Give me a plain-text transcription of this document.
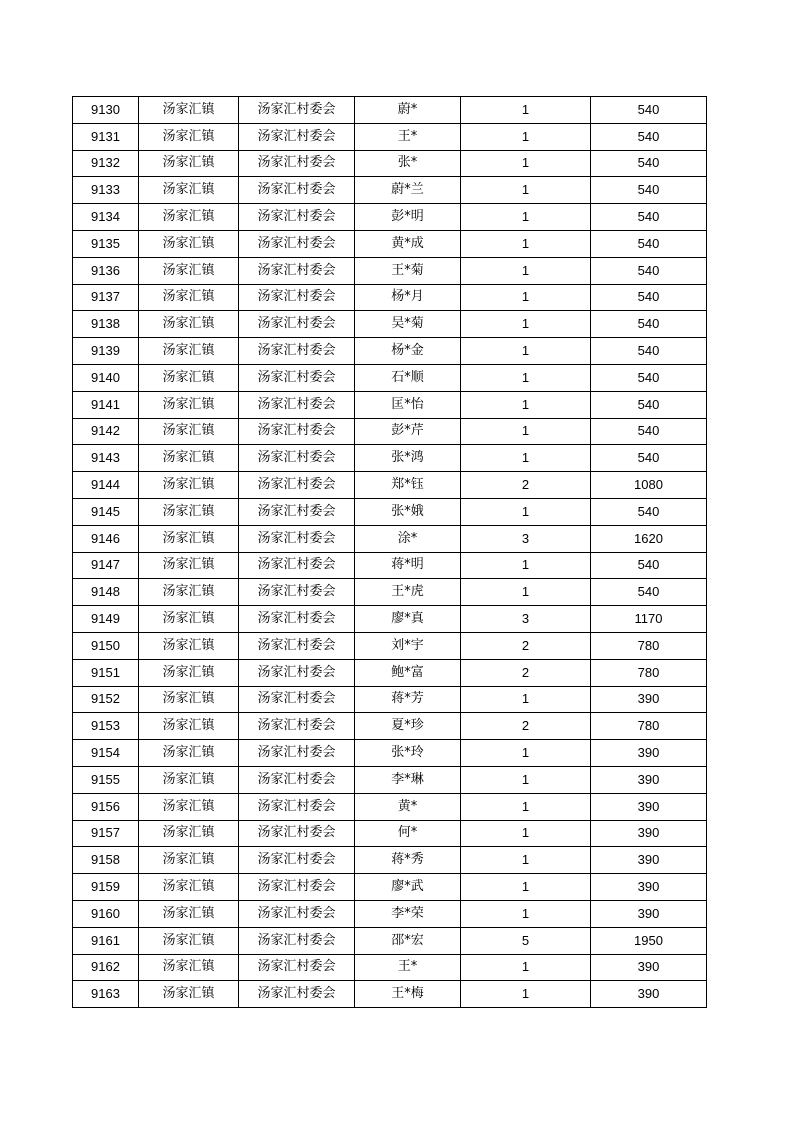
9130	汤家汇镇	汤家汇村委会	蔚*	1	540
9131	汤家汇镇	汤家汇村委会	王*	1	540
9132	汤家汇镇	汤家汇村委会	张*	1	540
9133	汤家汇镇	汤家汇村委会	蔚*兰	1	540
9134	汤家汇镇	汤家汇村委会	彭*明	1	540
9135	汤家汇镇	汤家汇村委会	黄*成	1	540
9136	汤家汇镇	汤家汇村委会	王*菊	1	540
9137	汤家汇镇	汤家汇村委会	杨*月	1	540
9138	汤家汇镇	汤家汇村委会	吴*菊	1	540
9139	汤家汇镇	汤家汇村委会	杨*金	1	540
9140	汤家汇镇	汤家汇村委会	石*顺	1	540
9141	汤家汇镇	汤家汇村委会	匡*怡	1	540
9142	汤家汇镇	汤家汇村委会	彭*芹	1	540
9143	汤家汇镇	汤家汇村委会	张*鸿	1	540
9144	汤家汇镇	汤家汇村委会	郑*钰	2	1080
9145	汤家汇镇	汤家汇村委会	张*娥	1	540
9146	汤家汇镇	汤家汇村委会	涂*	3	1620
9147	汤家汇镇	汤家汇村委会	蒋*明	1	540
9148	汤家汇镇	汤家汇村委会	王*虎	1	540
9149	汤家汇镇	汤家汇村委会	廖*真	3	1170
9150	汤家汇镇	汤家汇村委会	刘*宇	2	780
9151	汤家汇镇	汤家汇村委会	鲍*富	2	780
9152	汤家汇镇	汤家汇村委会	蒋*芳	1	390
9153	汤家汇镇	汤家汇村委会	夏*珍	2	780
9154	汤家汇镇	汤家汇村委会	张*玲	1	390
9155	汤家汇镇	汤家汇村委会	李*琳	1	390
9156	汤家汇镇	汤家汇村委会	黄*	1	390
9157	汤家汇镇	汤家汇村委会	何*	1	390
9158	汤家汇镇	汤家汇村委会	蒋*秀	1	390
9159	汤家汇镇	汤家汇村委会	廖*武	1	390
9160	汤家汇镇	汤家汇村委会	李*荣	1	390
9161	汤家汇镇	汤家汇村委会	邵*宏	5	1950
9162	汤家汇镇	汤家汇村委会	王*	1	390
9163	汤家汇镇	汤家汇村委会	王*梅	1	390
